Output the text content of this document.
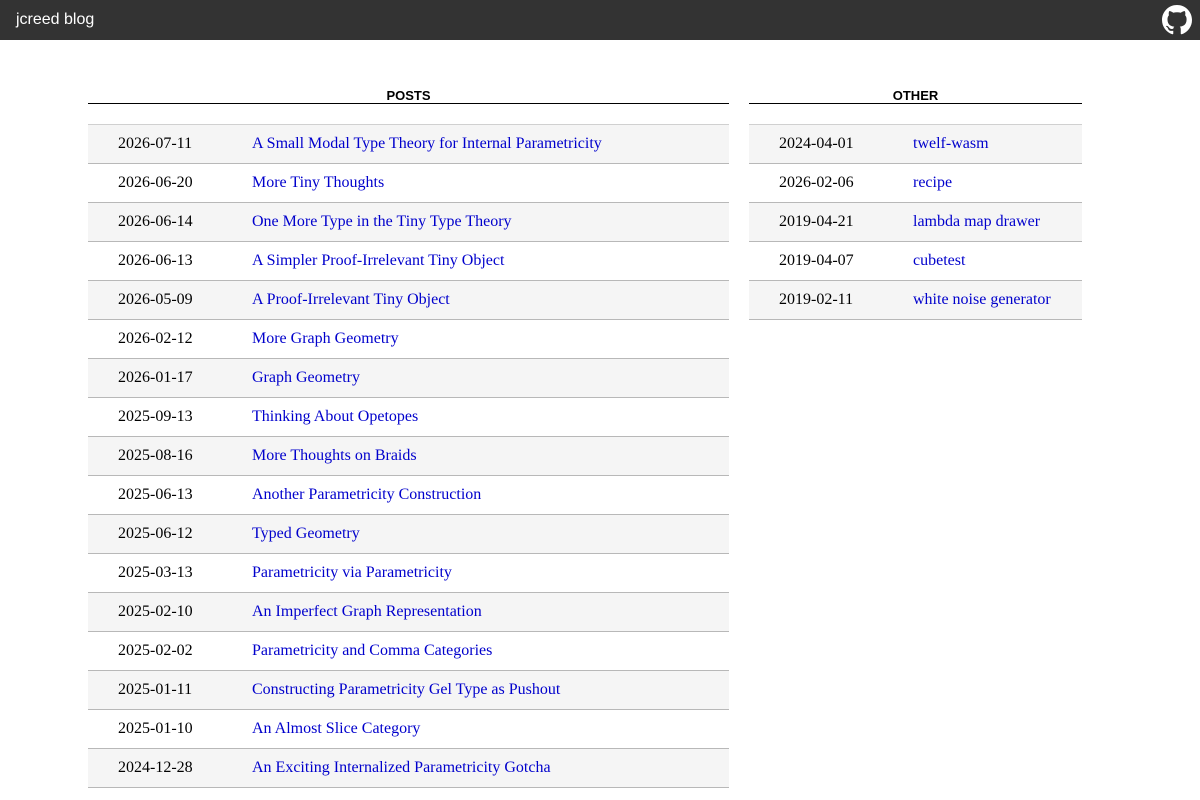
jcreed blog
POSTS
2026-07-11	A Small Modal Type Theory for Internal Parametricity
2026-06-20	More Tiny Thoughts
2026-06-14	One More Type in the Tiny Type Theory
2026-06-13	A Simpler Proof-Irrelevant Tiny Object
2026-05-09	A Proof-Irrelevant Tiny Object
2026-02-12	More Graph Geometry
2026-01-17	Graph Geometry
2025-09-13	Thinking About Opetopes
2025-08-16	More Thoughts on Braids
2025-06-13	Another Parametricity Construction
2025-06-12	Typed Geometry
2025-03-13	Parametricity via Parametricity
2025-02-10	An Imperfect Graph Representation
2025-02-02	Parametricity and Comma Categories
2025-01-11	Constructing Parametricity Gel Type as Pushout
2025-01-10	An Almost Slice Category
2024-12-28	An Exciting Internalized Parametricity Gotcha
OTHER
2024-04-01	twelf-wasm
2026-02-06	recipe
2019-04-21	lambda map drawer
2019-04-07	cubetest
2019-02-11	white noise generator
